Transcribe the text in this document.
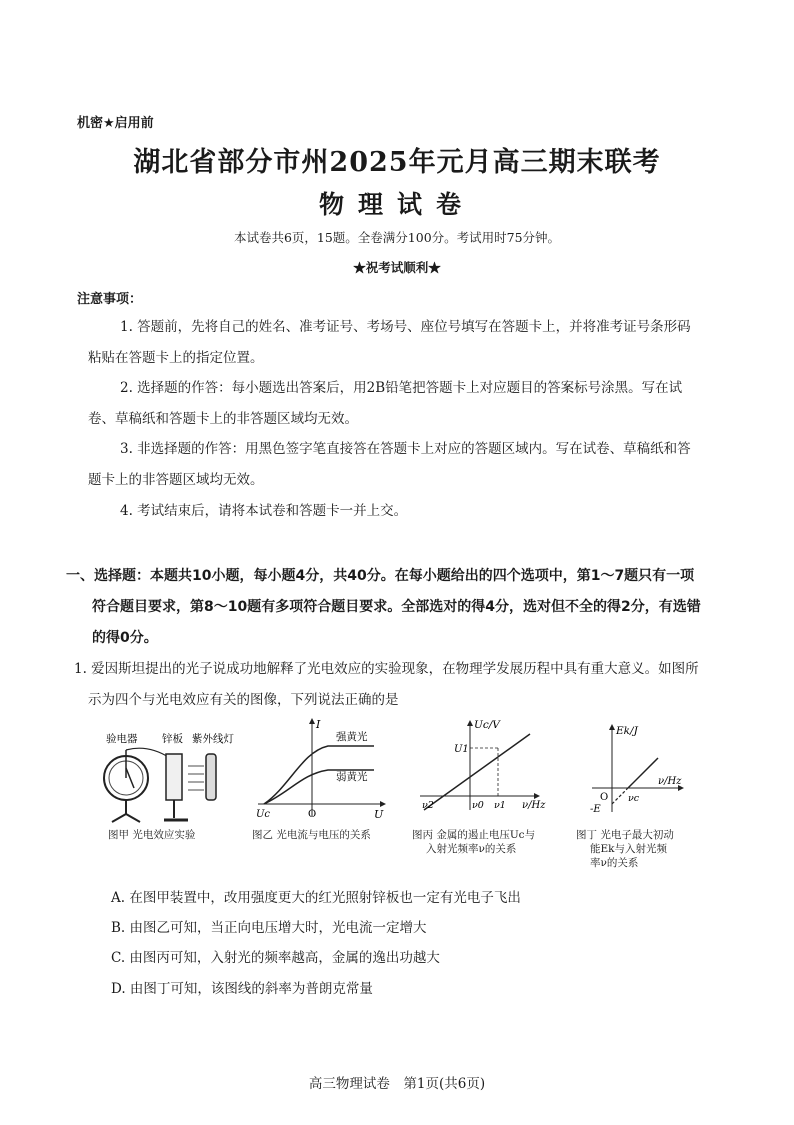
机密★启用前
湖北省部分市州2025年元月高三期末联考
物理试卷
本试卷共6页，15题。全卷满分100分。考试用时75分钟。
★祝考试顺利★
注意事项：
1. 答题前，先将自己的姓名、准考证号、考场号、座位号填写在答题卡上，并将准考证号条形码粘贴在答题卡上的指定位置。
2. 选择题的作答：每小题选出答案后，用2B铅笔把答题卡上对应题目的答案标号涂黑。写在试卷、草稿纸和答题卡上的非答题区域均无效。
3. 非选择题的作答：用黑色签字笔直接答在答题卡上对应的答题区域内。写在试卷、草稿纸和答题卡上的非答题区域均无效。
4. 考试结束后，请将本试卷和答题卡一并上交。
一、选择题：本题共10小题，每小题4分，共40分。在每小题给出的四个选项中，第1～7题只有一项符合题目要求，第8～10题有多项符合题目要求。全部选对的得4分，选对但不全的得2分，有选错的得0分。
1. 爱因斯坦提出的光子说成功地解释了光电效应的实验现象，在物理学发展历程中具有重大意义。如图所示为四个与光电效应有关的图像，下列说法正确的是
验电器 锌板 紫外线灯
图甲 光电效应实验
I
U
强黄光
弱黄光
Uc	O
图乙 光电流与电压的关系
Uc/V
ν/Hz
U1
ν2	ν0 ν1
图丙 金属的遏止电压Uc与
入射光频率ν的关系
Ek/J
ν/Hz
O νc
-E
图丁 光电子最大初动
能Ek与入射光频
率ν的关系
A. 在图甲装置中，改用强度更大的红光照射锌板也一定有光电子飞出
B. 由图乙可知，当正向电压增大时，光电流一定增大
C. 由图丙可知，入射光的频率越高，金属的逸出功越大
D. 由图丁可知，该图线的斜率为普朗克常量
高三物理试卷　第1页(共6页)
